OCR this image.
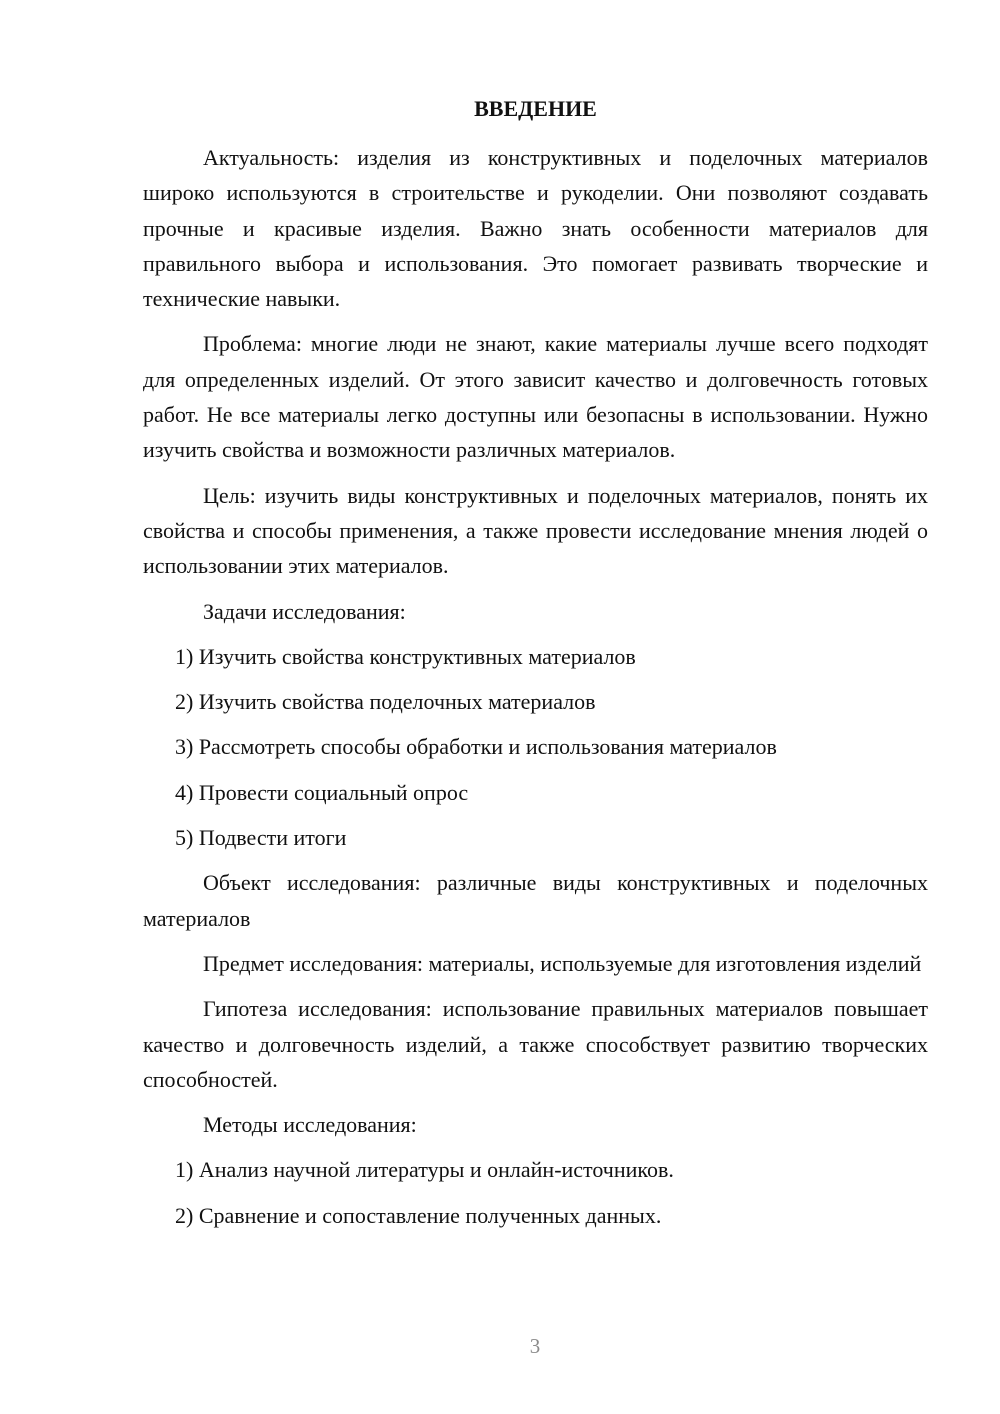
ВВЕДЕНИЕ

Актуальность: изделия из конструктивных и поделочных материалов широко используются в строительстве и рукоделии. Они позволяют создавать прочные и красивые изделия. Важно знать особенности материалов для правильного выбора и использования. Это помогает развивать творческие и технические навыки.

Проблема: многие люди не знают, какие материалы лучше всего подходят для определенных изделий. От этого зависит качество и долговечность готовых работ. Не все материалы легко доступны или безопасны в использовании. Нужно изучить свойства и возможности различных материалов.

Цель: изучить виды конструктивных и поделочных материалов, понять их свойства и способы применения, а также провести исследование мнения людей о использовании этих материалов.

Задачи исследования:

1) Изучить свойства конструктивных материалов

2) Изучить свойства поделочных материалов

3) Рассмотреть способы обработки и использования материалов

4) Провести социальный опрос

5) Подвести итоги

Объект исследования: различные виды конструктивных и поделочных материалов

Предмет исследования: материалы, используемые для изготовления изделий

Гипотеза исследования: использование правильных материалов повышает качество и долговечность изделий, а также способствует развитию творческих способностей.

Методы исследования:

1) Анализ научной литературы и онлайн-источников.

2) Сравнение и сопоставление полученных данных.

3
